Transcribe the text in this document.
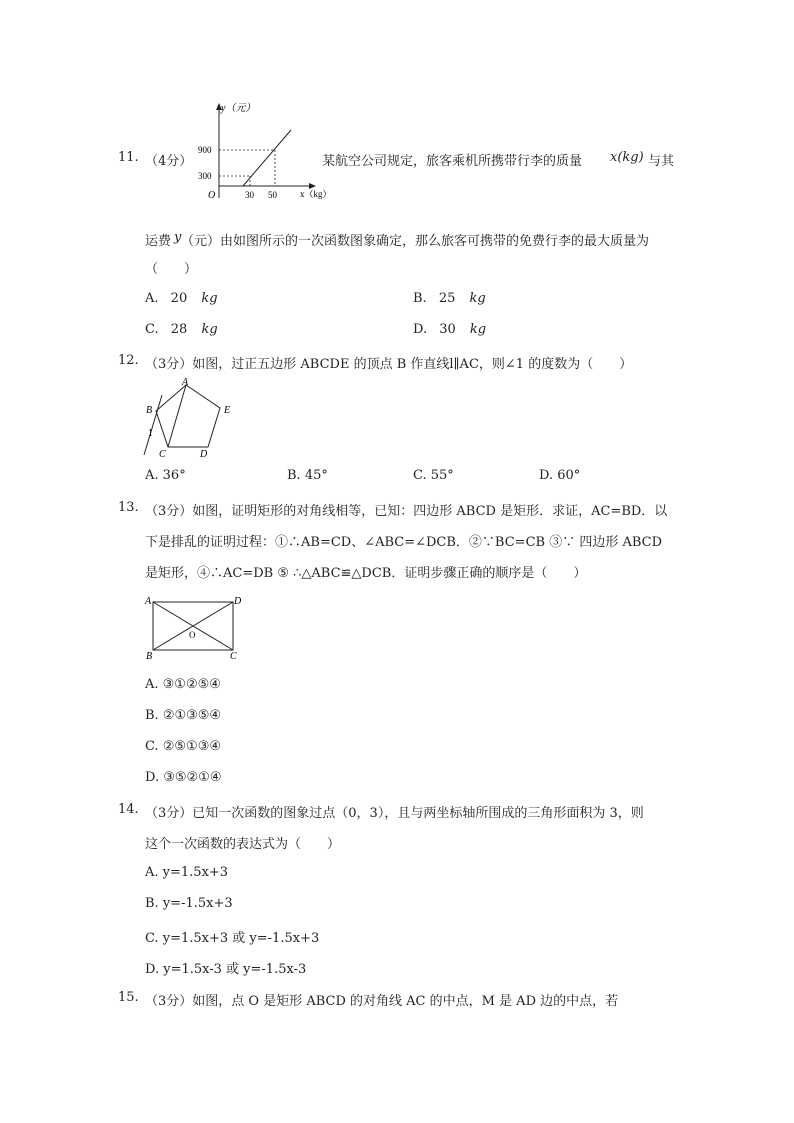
11. （4分）
y（元）
900
300
O	30 50	x（kg）
某航空公司规定，旅客乘机所携带行李的质量 x(kg) 与其
运费 y （元）由如图所示的一次函数图象确定，那么旅客可携带的免费行李的最大质量为
（　　）
A. 20 kg	B. 25 kg
C. 28 kg	D. 30 kg
12. （3分）如图，过正五边形 ABCDE 的顶点 B 作直线l∥AC，则∠1 的度数为（　　）
A
B
C	D
E
1
A. 36°	B. 45°	C. 55°	D. 60°
13. （3分）如图，证明矩形的对角线相等，已知：四边形 ABCD 是矩形．求证，AC=BD．以
下是排乱的证明过程：①∴AB=CD、∠ABC=∠DCB．②∵BC=CB ③∵ 四边形 ABCD
是矩形，④∴AC=DB ⑤ ∴△ABC≌△DCB．证明步骤正确的顺序是（　　）
A	D
B	C
O
A. ③①②⑤④
B. ②①③⑤④
C. ②⑤①③④
D. ③⑤②①④
14. （3分）已知一次函数的图象过点（0，3），且与两坐标轴所围成的三角形面积为 3，则
这个一次函数的表达式为（　　）
A. y=1.5x+3
B. y=-1.5x+3
C. y=1.5x+3 或 y=-1.5x+3
D. y=1.5x-3 或 y=-1.5x-3
15. （3分）如图，点 O 是矩形 ABCD 的对角线 AC 的中点，M 是 AD 边的中点，若
